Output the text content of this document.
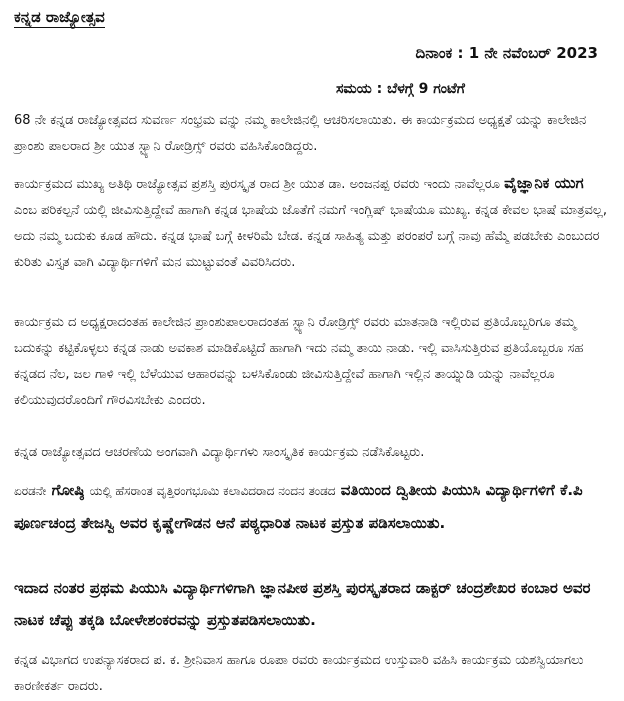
ಕನ್ನಡ ರಾಜ್ಯೋತ್ಸವ
ದಿನಾಂಕ : 1 ನೇ ನವೆಂಬರ್ 2023
ಸಮಯ : ಬೆಳಗ್ಗೆ 9 ಗಂಟೆಗೆ

68 ನೇ ಕನ್ನಡ ರಾಜ್ಯೋತ್ಸವದ ಸುವರ್ಣ ಸಂಭ್ರಮ ವನ್ನು ನಮ್ಮ ಕಾಲೇಜಿನಲ್ಲಿ ಆಚರಿಸಲಾಯಿತು. ಈ ಕಾರ್ಯಕ್ರಮದ ಅಧ್ಯಕ್ಷತೆ ಯನ್ನು ಕಾಲೇಜಿನ ಪ್ರಾಂಶು ಪಾಲರಾದ ಶ್ರೀ ಯುತ ಸ್ಟ್ಯಾನಿ ರೋಡ್ರಿಗ್ಸ್ ರವರು ವಹಿಸಿಕೊಂಡಿದ್ದರು.

ಕಾರ್ಯಕ್ರಮದ ಮುಖ್ಯ ಅತಿಥಿ ರಾಜ್ಯೋತ್ಸವ ಪ್ರಶಸ್ತಿ ಪುರಸ್ಕೃತ ರಾದ ಶ್ರೀ ಯುತ ಡಾ. ಅಂಜನಪ್ಪ ರವರು ಇಂದು ನಾವೆಲ್ಲರೂ ವೈಜ್ಞಾನಿಕ ಯುಗ ಎಂಬ ಪರಿಕಲ್ಪನೆ ಯಲ್ಲಿ ಜೀವಿಸುತ್ತಿದ್ದೇವೆ ಹಾಗಾಗಿ ಕನ್ನಡ ಭಾಷೆಯ ಜೊತೆಗೆ ನಮಗೆ ಇಂಗ್ಲಿಷ್ ಭಾಷೆಯೂ ಮುಖ್ಯ. ಕನ್ನಡ ಕೇವಲ ಭಾಷೆ ಮಾತ್ರವಲ್ಲ, ಅದು ನಮ್ಮ ಬದುಕು ಕೂಡ ಹೌದು. ಕನ್ನಡ ಭಾಷೆ ಬಗ್ಗೆ ಕೀಳರಿಮೆ ಬೇಡ. ಕನ್ನಡ ಸಾಹಿತ್ಯ ಮತ್ತು ಪರಂಪರೆ ಬಗ್ಗೆ ನಾವು ಹೆಮ್ಮೆ ಪಡಬೇಕು ಎಂಬುದರ ಕುರಿತು ವಿಸ್ತೃತ ವಾಗಿ ವಿದ್ಯಾರ್ಥಿಗಳಿಗೆ ಮನ ಮುಟ್ಟುವಂತೆ ವಿವರಿಸಿದರು.

ಕಾರ್ಯಕ್ರಮ ದ ಅಧ್ಯಕ್ಷರಾದಂತಹ ಕಾಲೇಜಿನ ಪ್ರಾಂಶುಪಾಲರಾದಂತಹ ಸ್ಟ್ಯಾನಿ ರೋಡ್ರಿಗ್ಸ್ ರವರು ಮಾತನಾಡಿ ಇಲ್ಲಿರುವ ಪ್ರತಿಯೊಬ್ಬರಿಗೂ ತಮ್ಮ ಬದುಕನ್ನು ಕಟ್ಟಿಕೊಳ್ಳಲು ಕನ್ನಡ ನಾಡು ಅವಕಾಶ ಮಾಡಿಕೊಟ್ಟಿದೆ ಹಾಗಾಗಿ ಇದು ನಮ್ಮ ತಾಯಿ ನಾಡು. ಇಲ್ಲಿ ವಾಸಿಸುತ್ತಿರುವ ಪ್ರತಿಯೊಬ್ಬರೂ ಸಹ ಕನ್ನಡದ ನೆಲ, ಜಲ ಗಾಳಿ ಇಲ್ಲಿ ಬೆಳೆಯುವ ಆಹಾರವನ್ನು ಬಳಸಿಕೊಂಡು ಜೀವಿಸುತ್ತಿದ್ದೇವೆ ಹಾಗಾಗಿ ಇಲ್ಲಿನ ತಾಯ್ನುಡಿ ಯನ್ನು ನಾವೆಲ್ಲರೂ ಕಲಿಯುವುದರೊಂದಿಗೆ ಗೌರವಿಸಬೇಕು ಎಂದರು.

ಕನ್ನಡ ರಾಜ್ಯೋತ್ಸವದ ಆಚರಣೆಯ ಅಂಗವಾಗಿ ವಿದ್ಯಾರ್ಥಿಗಳು ಸಾಂಸ್ಕೃತಿಕ ಕಾರ್ಯಕ್ರಮ ನಡೆಸಿಕೊಟ್ಟರು.

ಏರಡನೇ ಗೋಷ್ಠಿ ಯಲ್ಲಿ ಹೆಸರಾಂತ ವೃತ್ತಿರಂಗಭೂಮಿ ಕಲಾವಿದರಾದ ನಂದನ ತಂಡದ ವತಿಯಿಂದ ದ್ವಿತೀಯ ಪಿಯುಸಿ ವಿದ್ಯಾರ್ಥಿಗಳಿಗೆ ಕೆ.ಪಿ ಪೂರ್ಣಚಂದ್ರ ತೇಜಸ್ವಿ ಅವರ ಕೃಷ್ಣೇಗೌಡನ ಆನೆ ಪಠ್ಯಧಾರಿತ ನಾಟಕ ಪ್ರಸ್ತುತ ಪಡಿಸಲಾಯಿತು.

ಇದಾದ ನಂತರ ಪ್ರಥಮ ಪಿಯುಸಿ ವಿದ್ಯಾರ್ಥಿಗಳಿಗಾಗಿ ಜ್ಞಾನಪೀಠ ಪ್ರಶಸ್ತಿ ಪುರಸ್ಕೃತರಾದ ಡಾಕ್ಟರ್ ಚಂದ್ರಶೇಖರ ಕಂಬಾರ ಅವರ ನಾಟಕ ಚೆಪ್ಪು ತಕ್ಕಡಿ ಬೋಳೇಶಂಕರವನ್ನು ಪ್ರಸ್ತುತಪಡಿಸಲಾಯಿತು.

ಕನ್ನಡ ವಿಭಾಗದ ಉಪನ್ಯಾಸಕರಾದ ಪ. ಕ. ಶ್ರೀನಿವಾಸ ಹಾಗೂ ರೂಪಾ ರವರು ಕಾರ್ಯಕ್ರಮದ ಉಸ್ತುವಾರಿ ವಹಿಸಿ ಕಾರ್ಯಕ್ರಮ ಯಶಸ್ವಿಯಾಗಲು ಕಾರಣೀಕರ್ತ ರಾದರು.
